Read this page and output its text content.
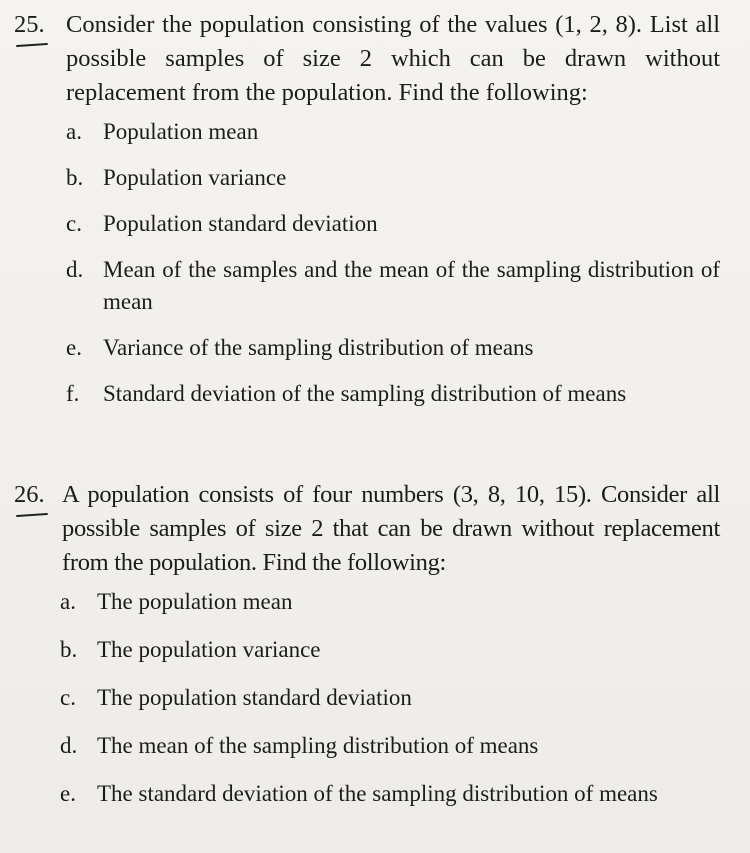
25. Consider the population consisting of the values (1, 2, 8). List all possible samples of size 2 which can be drawn without replacement from the population. Find the following:
a. Population mean
b. Population variance
c. Population standard deviation
d. Mean of the samples and the mean of the sampling distribution of mean
e. Variance of the sampling distribution of means
f.	Standard deviation of the sampling distribution of means
26. A population consists of four numbers (3, 8, 10, 15). Consider all possible samples of size 2 that can be drawn without replacement from the population. Find the following:
a. The population mean
b. The population variance
c. The population standard deviation
d. The mean of the sampling distribution of means
e. The standard deviation of the sampling distribution of means
